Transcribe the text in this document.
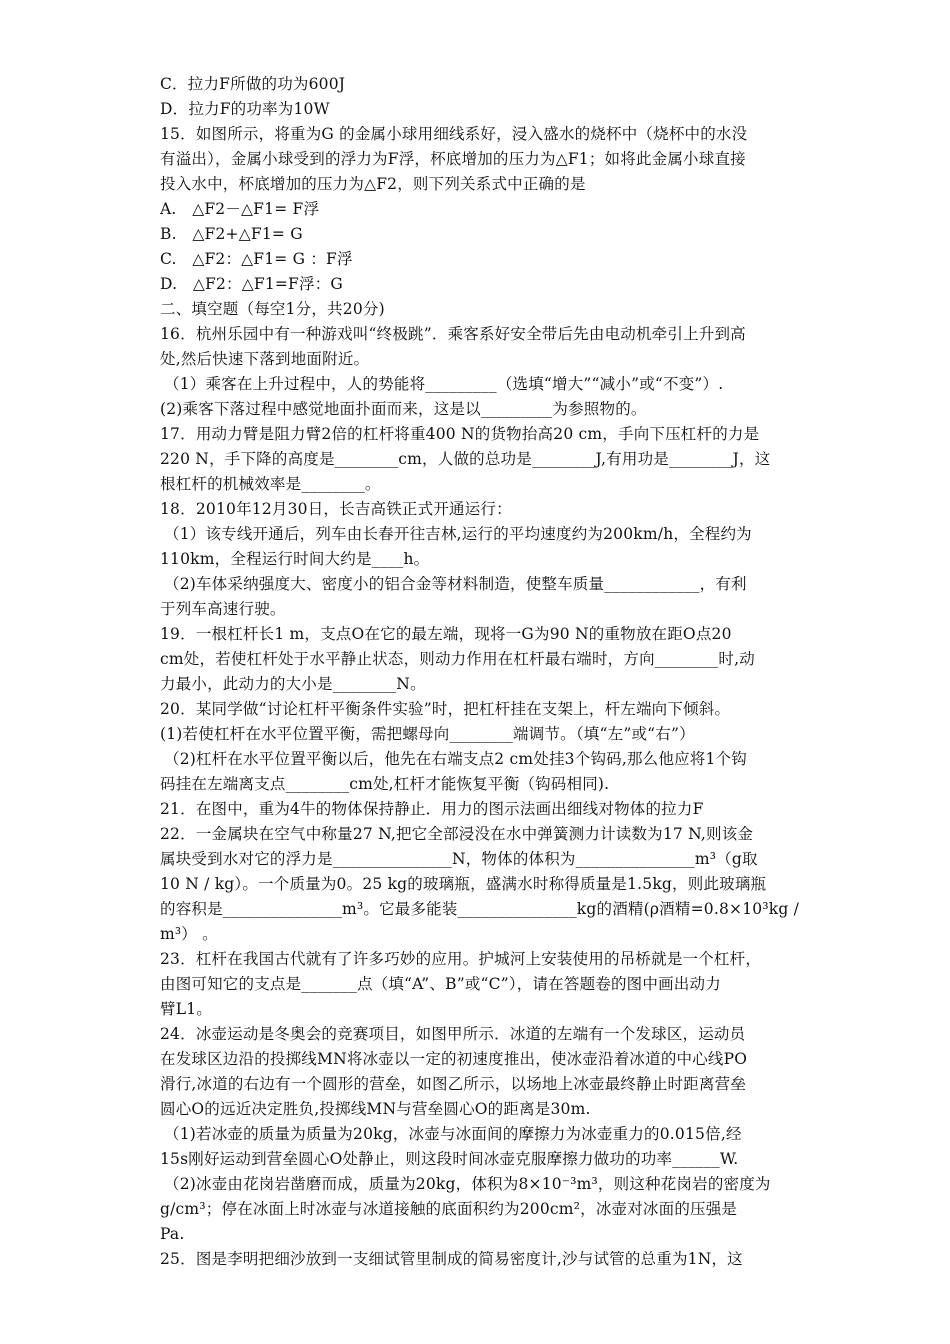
C．拉力F所做的功为600J
D．拉力F的功率为10W
15．如图所示，将重为G 的金属小球用细线系好，浸入盛水的烧杯中（烧杯中的水没
有溢出），金属小球受到的浮力为F浮，杯底增加的压力为△F1；如将此金属小球直接
投入水中，杯底增加的压力为△F2，则下列关系式中正确的是
A.　△F2－△F1= F浮
B.　△F2+△F1= G
C.　△F2：△F1= G ：F浮
D.　△F2：△F1=F浮：G
二、填空题（每空1分，共20分)
16．杭州乐园中有一种游戏叫“终极跳”．乘客系好安全带后先由电动机牵引上升到高
处,然后快速下落到地面附近。
（1）乘客在上升过程中，人的势能将_________（选填“增大”“减小”或“不变”）.
(2)乘客下落过程中感觉地面扑面而来，这是以_________为参照物的。
17．用动力臂是阻力臂2倍的杠杆将重400 N的货物抬高20 cm，手向下压杠杆的力是
220 N，手下降的高度是________cm，人做的总功是________J,有用功是________J，这
根杠杆的机械效率是________。
18．2010年12月30日，长吉高铁正式开通运行：
（1）该专线开通后，列车由长春开往吉林,运行的平均速度约为200km/h，全程约为
110km，全程运行时间大约是____h。
（2)车体采纳强度大、密度小的铝合金等材料制造，使整车质量____________，有利
于列车高速行驶。
19．一根杠杆长1 m，支点O在它的最左端，现将一G为90 N的重物放在距O点20
cm处，若使杠杆处于水平静止状态，则动力作用在杠杆最右端时，方向________时,动
力最小，此动力的大小是________N。
20．某同学做“讨论杠杆平衡条件实验”时，把杠杆挂在支架上，杆左端向下倾斜。
(1)若使杠杆在水平位置平衡，需把螺母向________端调节。（填“左”或“右”）
（2)杠杆在水平位置平衡以后，他先在右端支点2 cm处挂3个钩码,那么他应将1个钩
码挂在左端离支点________cm处,杠杆才能恢复平衡（钩码相同).
21．在图中，重为4牛的物体保持静止．用力的图示法画出细线对物体的拉力F
22．一金属块在空气中称量27 N,把它全部浸没在水中弹簧测力计读数为17 N,则该金
属块受到水对它的浮力是_______________N，物体的体积为_______________m³（g取
10 N / kg）。一个质量为0。25 kg的玻璃瓶，盛满水时称得质量是1.5kg，则此玻璃瓶
的容积是_______________m³。它最多能装_______________kg的酒精(ρ酒精=0.8×10³kg /
m³） 。
23．杠杆在我国古代就有了许多巧妙的应用。护城河上安装使用的吊桥就是一个杠杆，
由图可知它的支点是_______点（填“A”、B”或“C”），请在答题卷的图中画出动力
臂L1。
24．冰壶运动是冬奥会的竞赛项目，如图甲所示．冰道的左端有一个发球区，运动员
在发球区边沿的投掷线MN将冰壶以一定的初速度推出，使冰壶沿着冰道的中心线PO
滑行,冰道的右边有一个圆形的营垒，如图乙所示，以场地上冰壶最终静止时距离营垒
圆心O的远近决定胜负,投掷线MN与营垒圆心O的距离是30m.
（1)若冰壶的质量为质量为20kg，冰壶与冰面间的摩擦力为冰壶重力的0.015倍,经
15s刚好运动到营垒圆心O处静止，则这段时间冰壶克服摩擦力做功的功率______W.
（2)冰壶由花岗岩凿磨而成，质量为20kg，体积为8×10⁻³m³，则这种花岗岩的密度为
g/cm³；停在冰面上时冰壶与冰道接触的底面积约为200cm²，冰壶对冰面的压强是
Pa.
25．图是李明把细沙放到一支细试管里制成的简易密度计,沙与试管的总重为1N，这
